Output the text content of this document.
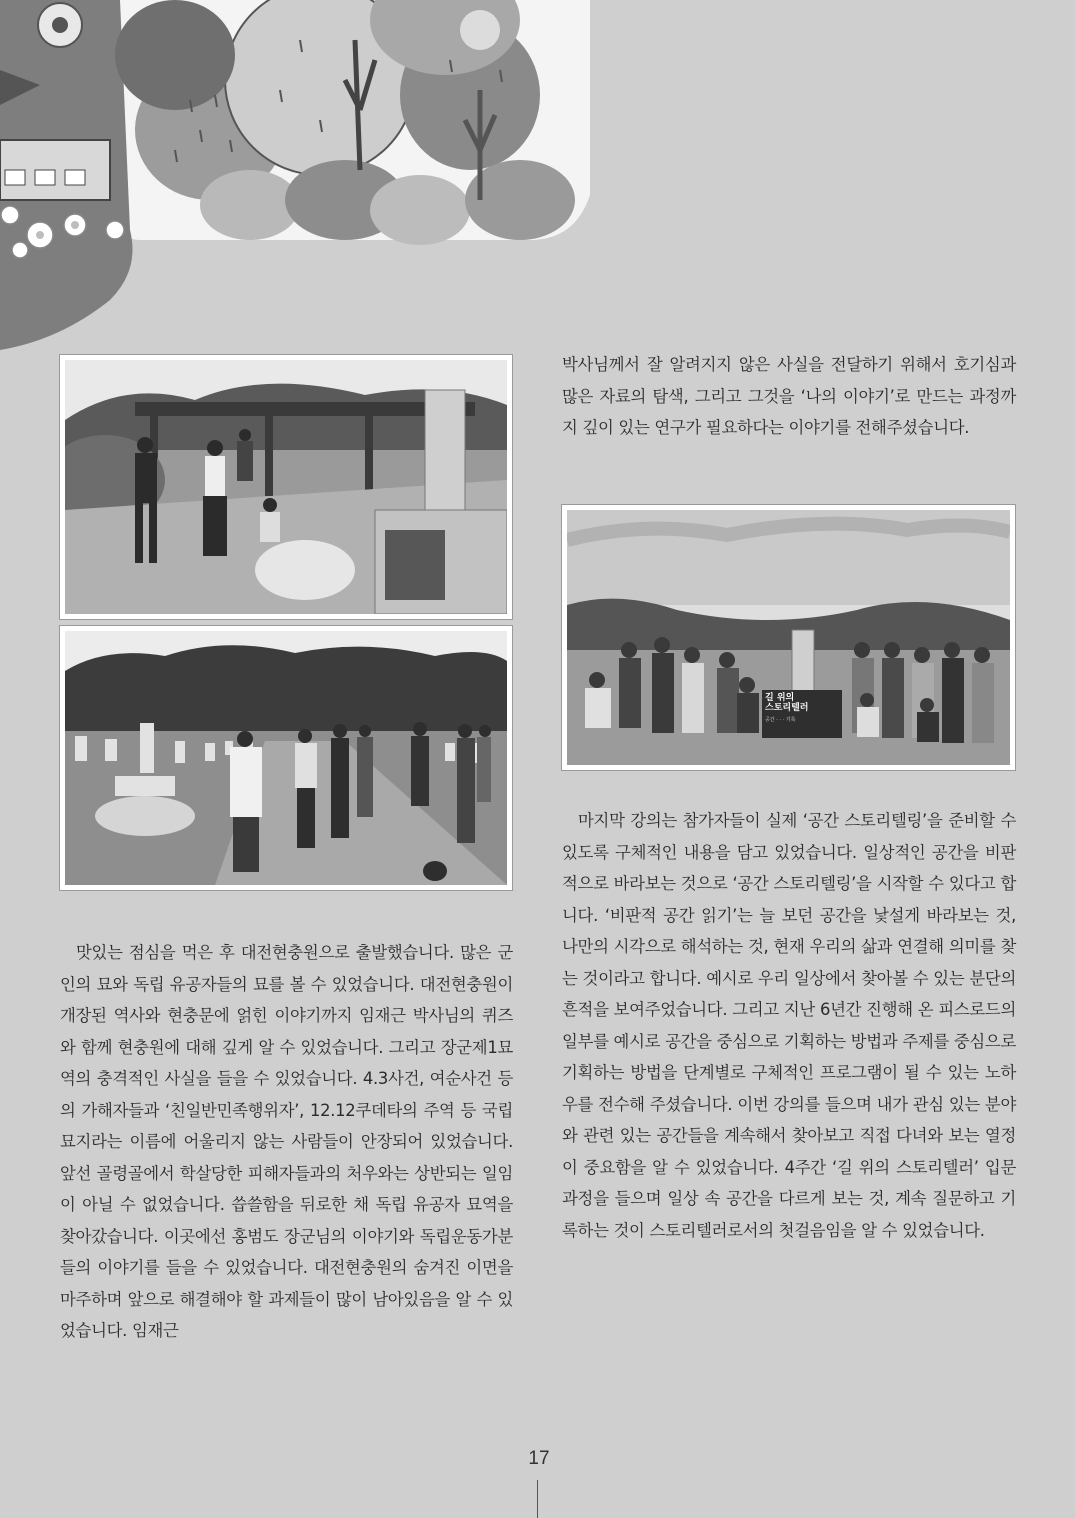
길 위의
스토리텔러
공간 · · · 기록

박사님께서 잘 알려지지 않은 사실을 전달하기 위해서 호기심과 많은 자료의 탐색, 그리고 그것을 ‘나의 이야기’로 만드는 과정까지 깊이 있는 연구가 필요하다는 이야기를 전해주셨습니다.

맛있는 점심을 먹은 후 대전현충원으로 출발했습니다. 많은 군인의 묘와 독립 유공자들의 묘를 볼 수 있었습니다. 대전현충원이 개장된 역사와 현충문에 얽힌 이야기까지 임재근 박사님의 퀴즈와 함께 현충원에 대해 깊게 알 수 있었습니다. 그리고 장군제1묘역의 충격적인 사실을 들을 수 있었습니다. 4.3사건, 여순사건 등의 가해자들과 ‘친일반민족행위자’, 12.12쿠데타의 주역 등 국립묘지라는 이름에 어울리지 않는 사람들이 안장되어 있었습니다. 앞선 골령골에서 학살당한 피해자들과의 처우와는 상반되는 일임이 아닐 수 없었습니다. 씁쓸함을 뒤로한 채 독립 유공자 묘역을 찾아갔습니다. 이곳에선 홍범도 장군님의 이야기와 독립운동가분들의 이야기를 들을 수 있었습니다. 대전현충원의 숨겨진 이면을 마주하며 앞으로 해결해야 할 과제들이 많이 남아있음을 알 수 있었습니다. 임재근

마지막 강의는 참가자들이 실제 ‘공간 스토리텔링’을 준비할 수 있도록 구체적인 내용을 담고 있었습니다. 일상적인 공간을 비판적으로 바라보는 것으로 ‘공간 스토리텔링’을 시작할 수 있다고 합니다. ‘비판적 공간 읽기’는 늘 보던 공간을 낯설게 바라보는 것, 나만의 시각으로 해석하는 것, 현재 우리의 삶과 연결해 의미를 찾는 것이라고 합니다. 예시로 우리 일상에서 찾아볼 수 있는 분단의 흔적을 보여주었습니다. 그리고 지난 6년간 진행해 온 피스로드의 일부를 예시로 공간을 중심으로 기획하는 방법과 주제를 중심으로 기획하는 방법을 단계별로 구체적인 프로그램이 될 수 있는 노하우를 전수해 주셨습니다. 이번 강의를 들으며 내가 관심 있는 분야와 관련 있는 공간들을 계속해서 찾아보고 직접 다녀와 보는 열정이 중요함을 알 수 있었습니다. 4주간 ‘길 위의 스토리텔러’ 입문 과정을 들으며 일상 속 공간을 다르게 보는 것, 계속 질문하고 기록하는 것이 스토리텔러로서의 첫걸음임을 알 수 있었습니다.

17
